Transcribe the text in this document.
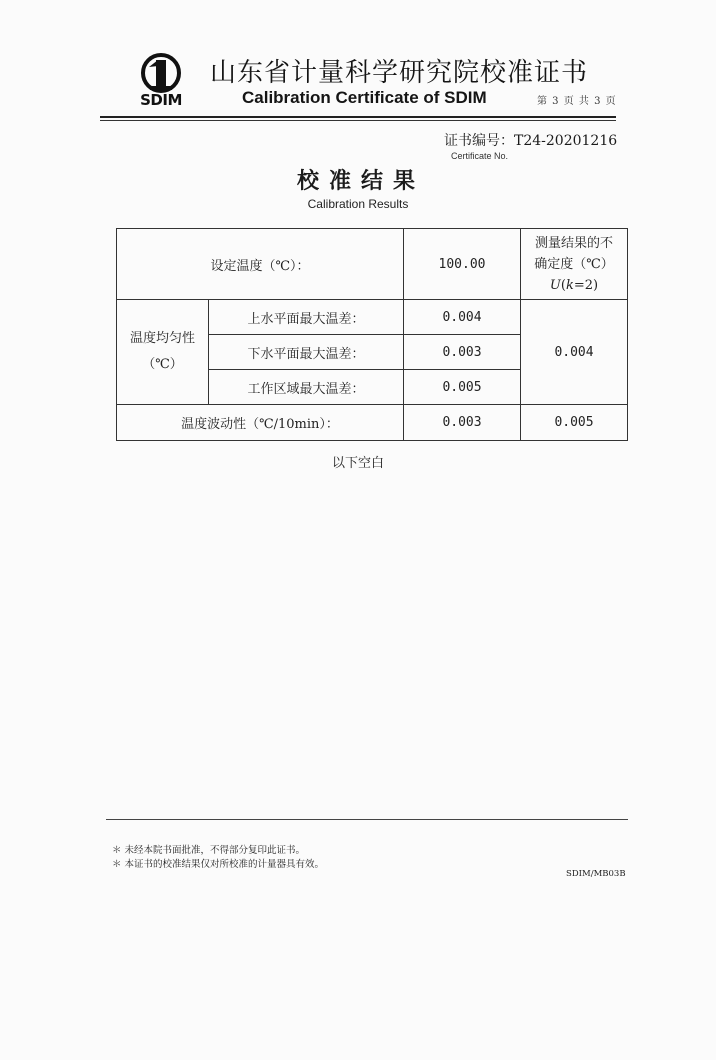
SDIM
山东省计量科学研究院校准证书
Calibration Certificate of SDIM	第 3 页 共 3 页
证书编号：T24-20201216
Certificate No.
校准结果
Calibration Results
设定温度（℃）：		100.00	测量结果的不
确定度（℃）
U(k=2)

温度均匀性
（℃）	上水平面最大温差：	0.004	0.004
	下水平面最大温差：	0.003	
	工作区域最大温差：	0.005	
温度波动性（℃/10min）：		0.003	0.005
以下空白
＊ 未经本院书面批准，不得部分复印此证书。
＊ 本证书的校准结果仅对所校准的计量器具有效。
SDIM/MB03B
